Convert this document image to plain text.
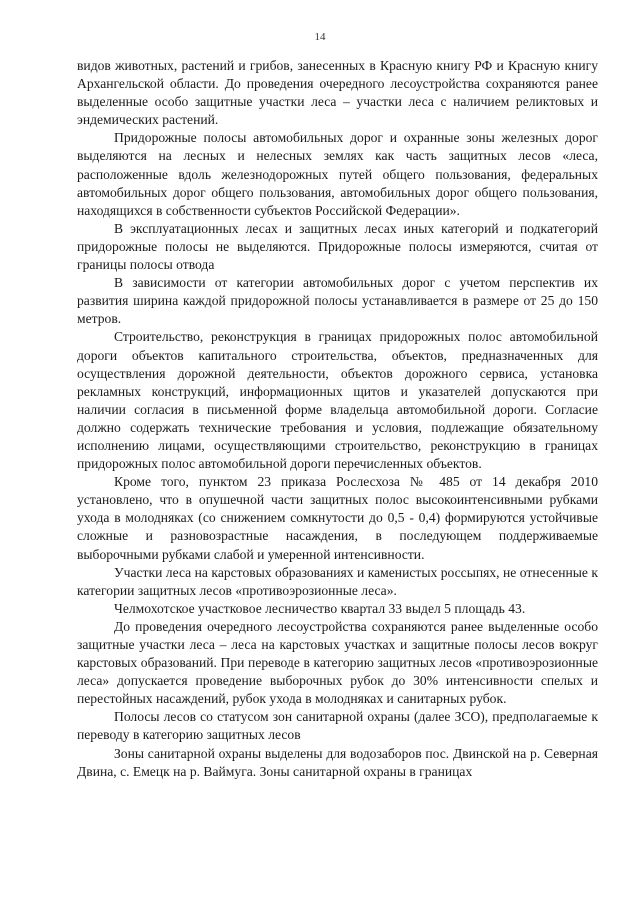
14

видов животных, растений и грибов, занесенных в Красную книгу РФ и Красную книгу Архангельской области. До проведения очередного лесоустройства сохраняются ранее выделенные особо защитные участки леса – участки леса с наличием реликтовых и эндемических растений.

Придорожные полосы автомобильных дорог и охранные зоны железных дорог выделяются на лесных и нелесных землях как часть защитных лесов «леса, расположенные вдоль железнодорожных путей общего пользования, федеральных автомобильных дорог общего пользования, автомобильных дорог общего пользования, находящихся в собственности субъектов Российской Федерации».

В эксплуатационных лесах и защитных лесах иных категорий и подкатегорий придорожные полосы не выделяются. Придорожные полосы измеряются, считая от границы полосы отвода

В зависимости от категории автомобильных дорог с учетом перспектив их развития ширина каждой придорожной полосы устанавливается в размере от 25 до 150 метров.

Строительство, реконструкция в границах придорожных полос автомобильной дороги объектов капитального строительства, объектов, предназначенных для осуществления дорожной деятельности, объектов дорожного сервиса, установка рекламных конструкций, информационных щитов и указателей допускаются при наличии согласия в письменной форме владельца автомобильной дороги. Согласие должно содержать технические требования и условия, подлежащие обязательному исполнению лицами, осуществляющими строительство, реконструкцию в границах придорожных полос автомобильной дороги перечисленных объектов.

Кроме того, пунктом 23 приказа Рослесхоза № 485 от 14 декабря 2010 установлено, что в опушечной части защитных полос высокоинтенсивными рубками ухода в молодняках (со снижением сомкнутости до 0,5 - 0,4) формируются устойчивые сложные и разновозрастные насаждения, в последующем поддерживаемые выборочными рубками слабой и умеренной интенсивности.

Участки леса на карстовых образованиях и каменистых россыпях, не отнесенные к категории защитных лесов «противоэрозионные леса».

Челмохотское участковое лесничество квартал 33 выдел 5 площадь 43.

До проведения очередного лесоустройства сохраняются ранее выделенные особо защитные участки леса – леса на карстовых участках и защитные полосы лесов вокруг карстовых образований. При переводе в категорию защитных лесов «противоэрозионные леса» допускается проведение выборочных рубок до 30% интенсивности спелых и перестойных насаждений, рубок ухода в молодняках и санитарных рубок.

Полосы лесов со статусом зон санитарной охраны (далее ЗСО), предполагаемые к переводу в категорию защитных лесов

Зоны санитарной охраны выделены для водозаборов пос. Двинской на р. Северная Двина, с. Емецк на р. Ваймуга. Зоны санитарной охраны в границах
